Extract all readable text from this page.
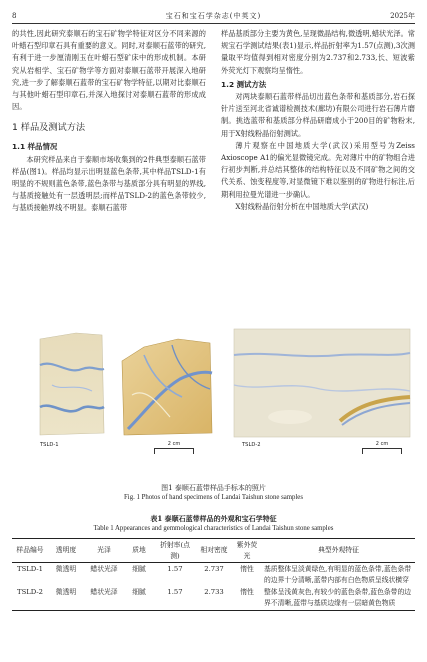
8	宝石和宝石学杂志(中英文)	2025年

的共性,因此研究泰顺石的宝石矿物学特征对区分不同来源的叶蜡石型印章石具有重要的意义。同时,对泰顺石蓝带的研究,有利于进一步厘清刚玉在叶蜡石型矿床中的形成机制。本研究从岩相学、宝石矿物学等方面对泰顺石蓝带开展深入地研究,进一步了解泰顺石蓝带的宝石矿物学特征,以期对比泰顺石与其他叶蜡石型印章石,并深入地探讨对泰顺石蓝带的形成成因。

1 样品及测试方法
1.1 样品情况

本研究样品来自于泰顺市场收集到的2件典型泰顺石蓝带样品(图1)。样品均显示出明显蓝色条带,其中样品TSLD-1有明显的不规则蓝色条带,蓝色条带与基质部分具有明显的界线,与基质接触处有一层透明层;而样品TSLD-2的蓝色条带较少,与基质接触界线不明显。泰顺石蓝带

样品基质部分主要为黄色,呈现微晶结构,微透明,蜡状光泽。常规宝石学测试结果(表1)显示,样品折射率为1.57(点测),3次测量取平均值得到相对密度分别为2.737和2.733,长、短波紫外荧光灯下观察均呈惰性。

1.2 测试方法

对两块泰顺石蓝带样品切出蓝色条带和基质部分,岩石探针片送至河北省诚谱检测技术(廊坊)有限公司进行岩石薄片磨制。挑选蓝带和基质部分样品研磨成小于200目的矿物粉末,用于X射线粉晶衍射测试。

薄片观察在中国地质大学(武汉)采用型号为Zeiss Axioscope A1的偏光显微镜完成。先对薄片中的矿物组合进行初步判断,并总结其整体的结构特征以及不同矿物之间的交代关系、蚀变程度等,对显微镜下难以鉴别的矿物进行标注,后期利用拉曼光谱进一步确认。

X射线粉晶衍射分析在中国地质大学(武汉)

TSLD-1	TSLD-2
2 cm	2 cm
图1 泰顺石蓝带样品手标本的照片
Fig. 1 Photos of hand specimens of Landai Taishun stone samples
表1 泰顺石蓝带样品的外观和宝石学特征
Table 1 Appearances and gemmological characteristics of Landai Taishun stone samples
样品编号	透明度	光泽	质地	折射率(点测)	相对密度	紫外荧光	典型外观特征
TSLD-1	微透明	蜡状光泽	细腻	1.57	2.737	惰性	基质整体呈淡黄绿色,有明显的蓝色条带,蓝色条带的边界十分清晰,蓝带内部有白色物质呈线状横穿
TSLD-2	微透明	蜡状光泽	细腻	1.57	2.733	惰性	整体呈浅黄灰色,有较少的蓝色条带,蓝色条带的边界不清晰,蓝带与基质边缘有一层暗黄色物质
